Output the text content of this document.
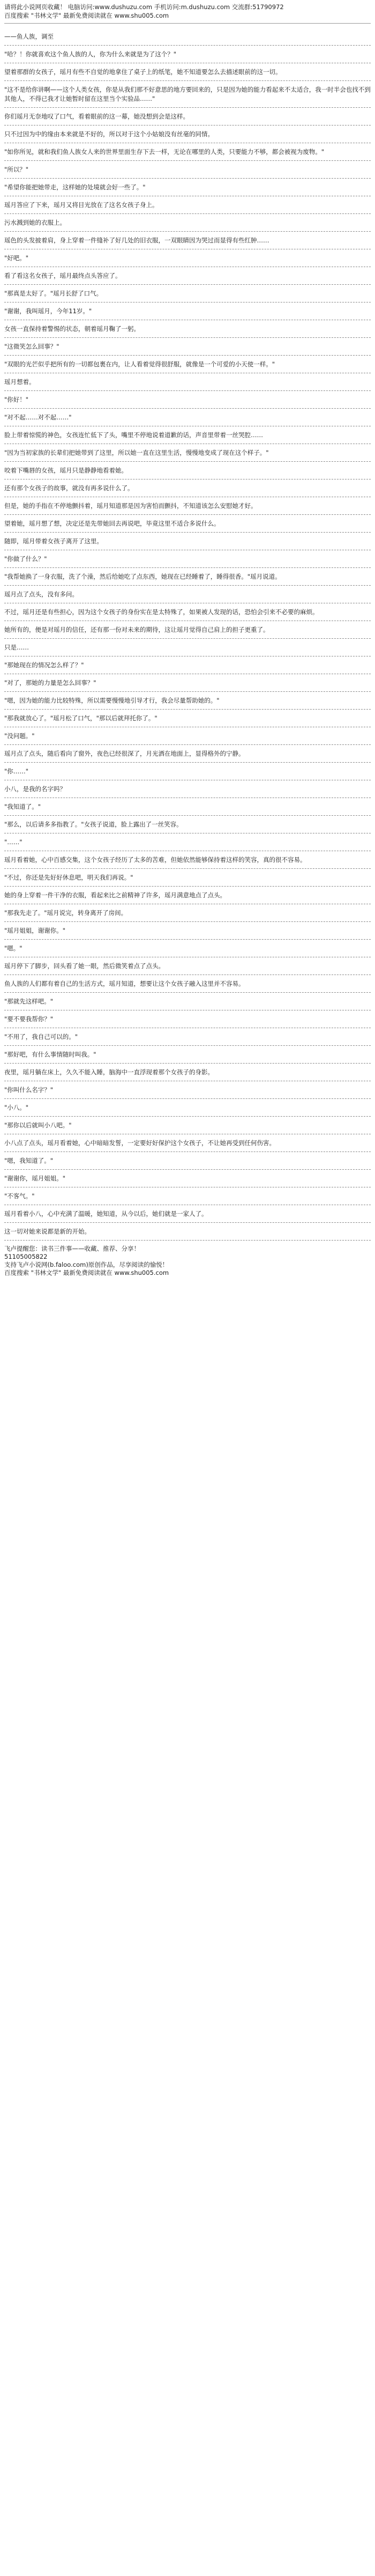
请将此小说网页收藏！ 电脑访问:www.dushuzu.com 手机访问:m.dushuzu.com 交流群:51790972
百度搜索 "书林文学" 最新免费阅读就在 www.shu005.com

——鱼人族，调至

"哈？！你就喜欢这个鱼人族的人，你为什么来就是为了这个？"

望着那群的女孩子，瑶月有些不自觉的地拿住了桌子上的纸笔，她不知道要怎么去描述眼前的这一切。

"这不是给你讲啊——这个人类女孩，你是从我们那不好意思的地方要回来的，只是因为她的能力看起来不太适合，我一时半会也找不到其他人，不得已我才让她暂时留在这里当个实验品……"

你们瑶月无奈地叹了口气，看着眼前的这一幕，她没想到会是这样。

只不过因为中的缘由本来就是不好的，所以对于这个小姑娘没有丝毫的同情。

"如你所见，就和我们鱼人族女人来的世界里面生存下去一样，无论在哪里的人类，只要能力不够，都会被视为废物。"

"所以？"

"希望你能把她带走，这样她的处境就会好一些了。"

瑶月答应了下来，瑶月又将目光放在了这名女孩子身上。

污水溅到她的衣服上。

瑶色的头发披着肩，身上穿着一件缝补了好几处的旧衣服，一双眼睛因为哭过而显得有些红肿……

"好吧。"

看了看这名女孩子，瑶月最终点头答应了。

"那真是太好了。"瑶月长舒了口气。

"谢谢，我叫瑶月，今年11岁。"

女孩一直保持着警惕的状态，朝着瑶月鞠了一躬。

"这微笑怎么回事？"

"双眼的光芒似乎把所有的一切都包裹在内，让人看着觉得很舒服，就像是一个可爱的小天使一样。"

瑶月想着。

"你好！"

"对不起……对不起……"

脸上带着惊慌的神色，女孩连忙低下了头，嘴里不停地说着道歉的话，声音里带着一丝哭腔……

"因为当初家族的长辈们把她带到了这里，所以她一直在这里生活，慢慢地变成了现在这个样子。"

咬着下嘴唇的女孩，瑶月只是静静地看着她。

还有那个女孩子的故事，就没有再多说什么了。

但是，她的手指在不停地颤抖着，瑶月知道那是因为害怕而颤抖，不知道该怎么安慰她才好。

望着她，瑶月想了想，决定还是先带她回去再说吧，毕竟这里不适合多说什么。

随即，瑶月带着女孩子离开了这里。

"你做了什么？"

"我帮她换了一身衣服，洗了个澡，然后给她吃了点东西，她现在已经睡着了，睡得很香。"瑶月说道。

瑶月点了点头，没有多问。

不过，瑶月还是有些担心，因为这个女孩子的身份实在是太特殊了，如果被人发现的话，恐怕会引来不必要的麻烦。

她所有的，便是对瑶月的信任，还有那一份对未来的期待，这让瑶月觉得自己肩上的担子更重了。

只是……

"那她现在的情况怎么样了？"

"对了，那她的力量是怎么回事？"

"嗯，因为她的能力比较特殊，所以需要慢慢地引导才行，我会尽量帮助她的。"

"那我就放心了。"瑶月松了口气，"那以后就拜托你了。"

"没问题。"

瑶月点了点头，随后看向了窗外，夜色已经很深了，月光洒在地面上，显得格外的宁静。

"你……"

小八，是我的名字吗？

"我知道了。"

"那么，以后请多多指教了。"女孩子说道，脸上露出了一丝笑容。

"……"

瑶月看着她，心中百感交集，这个女孩子经历了太多的苦难，但她依然能够保持着这样的笑容，真的很不容易。

"不过，你还是先好好休息吧，明天我们再说。"

她的身上穿着一件干净的衣服，看起来比之前精神了许多，瑶月满意地点了点头。

"那我先走了。"瑶月说完，转身离开了房间。

"瑶月姐姐，谢谢你。"

"嗯。"

瑶月停下了脚步，回头看了她一眼，然后微笑着点了点头。

鱼人族的人们都有着自己的生活方式，瑶月知道，想要让这个女孩子融入这里并不容易。

"那就先这样吧。"

"要不要我帮你？"

"不用了，我自己可以的。"

"那好吧，有什么事情随时叫我。"

夜里，瑶月躺在床上，久久不能入睡，脑海中一直浮现着那个女孩子的身影。

"你叫什么名字？"

"小八。"

"那你以后就叫小八吧。"

小八点了点头，瑶月看着她，心中暗暗发誓，一定要好好保护这个女孩子，不让她再受到任何伤害。

"嗯，我知道了。"

"谢谢你，瑶月姐姐。"

"不客气。"

瑶月看着小八，心中充满了温暖，她知道，从今以后，她们就是一家人了。

这一切对她来说都是新的开始。

飞卢提醒您：读书三件事——收藏、推荐、分享！
51105005822
支持飞卢小说网(b.faloo.com)原创作品，尽享阅读的愉悦！
百度搜索 "书林文学" 最新免费阅读就在 www.shu005.com
